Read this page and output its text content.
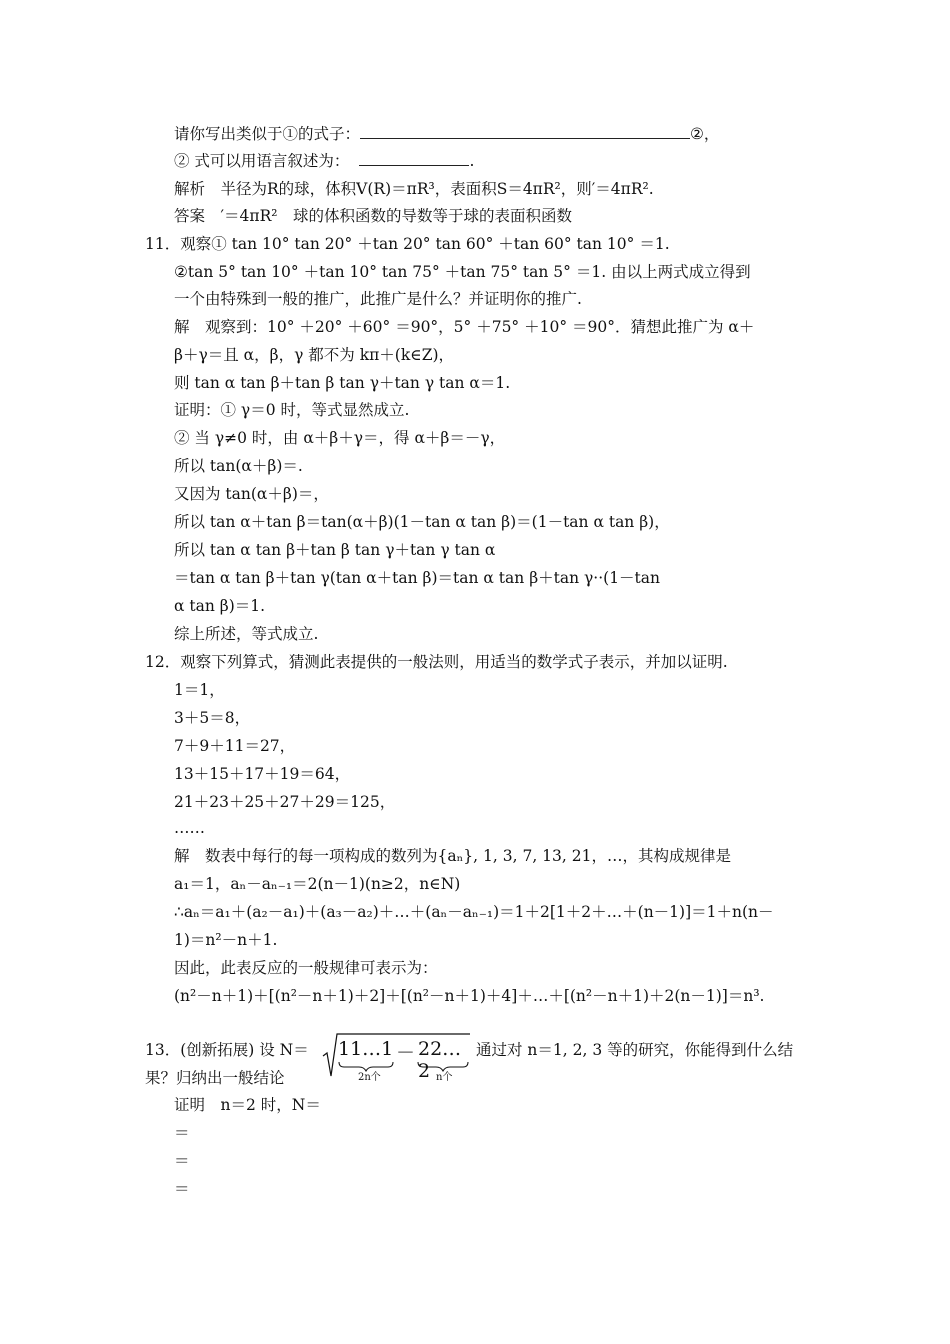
请你写出类似于①的式子：	②，
② 式可以用语言叙述为：	.
解析　半径为R的球，体积V(R)＝πR³，表面积S＝4πR²，则′＝4πR².
答案　′＝4πR²　球的体积函数的导数等于球的表面积函数
11．观察① tan 10° tan 20° ＋tan 20° tan 60° ＋tan 60° tan 10° ＝1.
②tan 5° tan 10° ＋tan 10° tan 75° ＋tan 75° tan 5° ＝1. 由以上两式成立得到
一个由特殊到一般的推广，此推广是什么？并证明你的推广.
解　观察到：10° ＋20° ＋60° ＝90°，5° ＋75° ＋10° ＝90°．猜想此推广为 α＋
β＋γ＝且 α，β，γ 都不为 kπ＋(k∈Z)，
则 tan α tan β＋tan β tan γ＋tan γ tan α＝1.
证明：① γ＝0 时，等式显然成立.
② 当 γ≠0 时，由 α＋β＋γ＝，得 α＋β＝－γ，
所以 tan(α＋β)＝.
又因为 tan(α＋β)＝，
所以 tan α＋tan β＝tan(α＋β)(1－tan α tan β)＝(1－tan α tan β)，
所以 tan α tan β＋tan β tan γ＋tan γ tan α
＝tan α tan β＋tan γ(tan α＋tan β)＝tan α tan β＋tan γ··(1－tan
α tan β)＝1.
综上所述，等式成立.
12．观察下列算式，猜测此表提供的一般法则，用适当的数学式子表示，并加以证明.
1＝1，
3＋5＝8，
7＋9＋11＝27，
13＋15＋17＋19＝64，
21＋23＋25＋27＋29＝125，
……
解　数表中每行的每一项构成的数列为{aₙ}, 1, 3, 7, 13, 21，…，其构成规律是
a₁＝1，aₙ－aₙ₋₁＝2(n－1)(n≥2，n∈N)
∴aₙ＝a₁＋(a₂－a₁)＋(a₃－a₂)＋…＋(aₙ－aₙ₋₁)＝1＋2[1＋2＋…＋(n－1)]＝1＋n(n－
1)＝n²－n＋1.
因此，此表反应的一般规律可表示为：
(n²－n＋1)＋[(n²－n＋1)＋2]＋[(n²－n＋1)＋4]＋…＋[(n²－n＋1)＋2(n－1)]＝n³.
13．(创新拓展) 设 N＝ 11…1 － 22…2
2n个	n个
通过对 n＝1, 2, 3 等的研究，你能得到什么结
果？归纳出一般结论
证明　n＝2 时，N＝
＝
＝
＝
